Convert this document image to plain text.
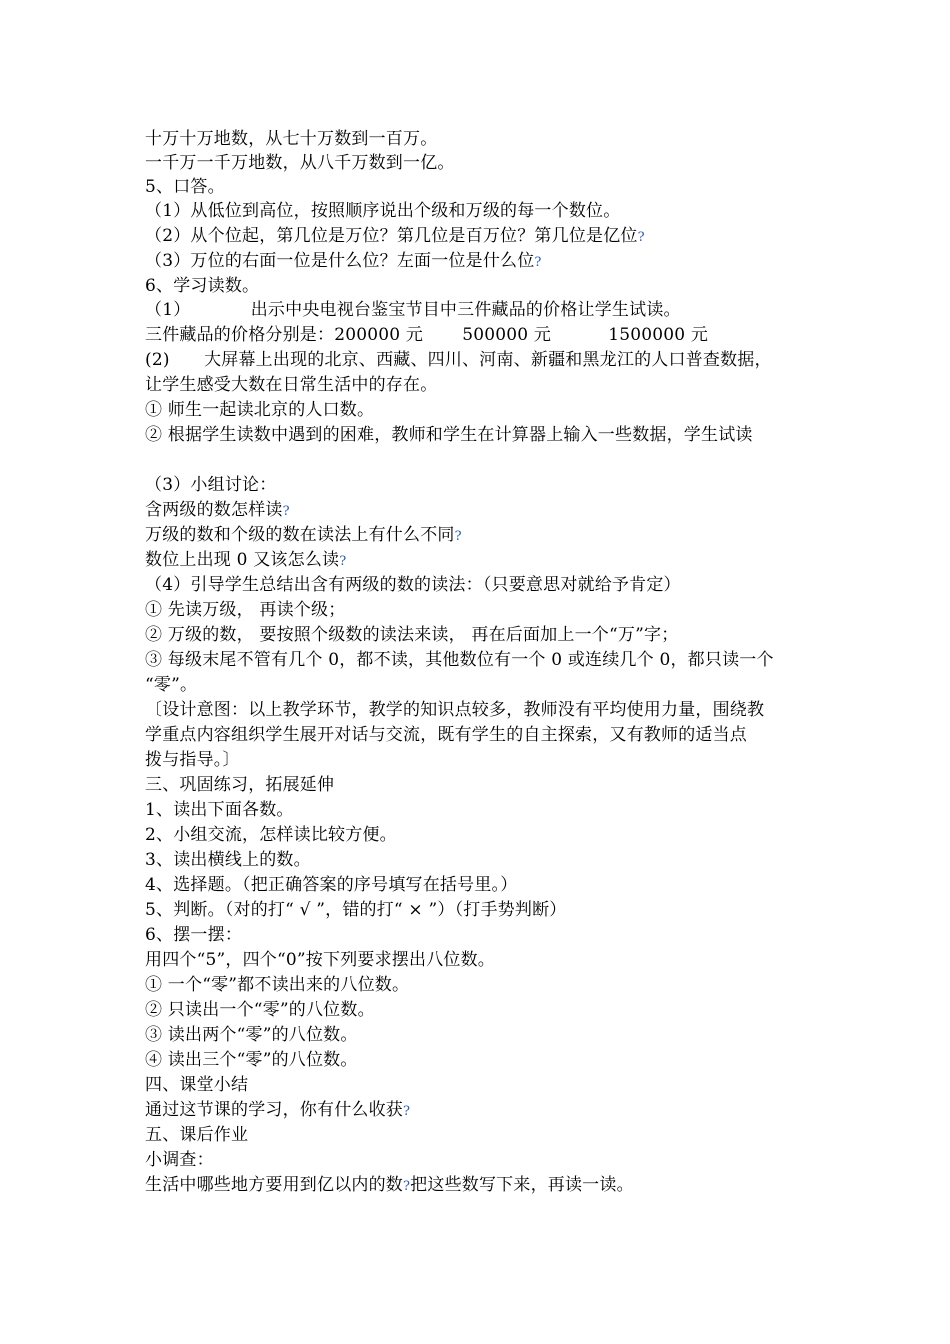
十万十万地数，从七十万数到一百万。
一千万一千万地数，从八千万数到一亿。
5、口答。
（1）从低位到高位，按照顺序说出个级和万级的每一个数位。
（2）从个位起，第几位是万位？第几位是百万位？第几位是亿位?
（3）万位的右面一位是什么位？左面一位是什么位?
6、学习读数。
（1）　　　　出示中央电视台鉴宝节目中三件藏品的价格让学生试读。
三件藏品的价格分别是：200000 元 500000 元	1500000 元
(2)　　大屏幕上出现的北京、西藏、四川、河南、新疆和黑龙江的人口普查数据，
让学生感受大数在日常生活中的存在。
① 师生一起读北京的人口数。
② 根据学生读数中遇到的困难，教师和学生在计算器上输入一些数据，学生试读
（3）小组讨论：
含两级的数怎样读?
万级的数和个级的数在读法上有什么不同?
数位上出现 0 又该怎么读?
（4）引导学生总结出含有两级的数的读法：（只要意思对就给予肯定）
① 先读万级， 再读个级；
② 万级的数， 要按照个级数的读法来读， 再在后面加上一个“万”字；
③ 每级末尾不管有几个 0，都不读，其他数位有一个 0 或连续几个 0，都只读一个
“零”。
〔设计意图：以上教学环节，教学的知识点较多，教师没有平均使用力量，围绕教
学重点内容组织学生展开对话与交流，既有学生的自主探索，又有教师的适当点
拨与指导。〕
三、巩固练习，拓展延伸
1、读出下面各数。
2、小组交流，怎样读比较方便。
3、读出横线上的数。
4、选择题。（把正确答案的序号填写在括号里。）
5、判断。（对的打“ √ ”，错的打“ × ”）（打手势判断）
6、摆一摆：
用四个“5”，四个“0”按下列要求摆出八位数。
① 一个“零”都不读出来的八位数。
② 只读出一个“零”的八位数。
③ 读出两个“零”的八位数。
④ 读出三个“零”的八位数。
四、课堂小结
通过这节课的学习，你有什么收获?
五、课后作业
小调查：
生活中哪些地方要用到亿以内的数?把这些数写下来，再读一读。
